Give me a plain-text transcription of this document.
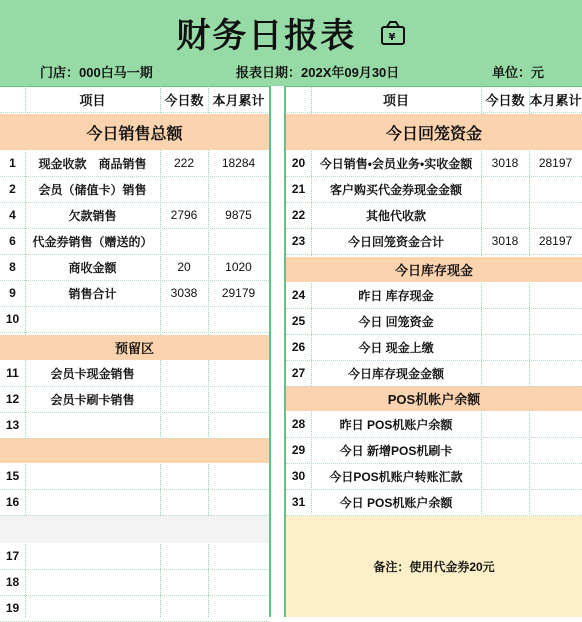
财务日报表	¥
门店：000白马一期	报表日期：202X年09月30日	单位：元
项目	今日数 本月累计	项目	今日数 本月累计
今日销售总额
预留区
今日回笼资金
今日库存现金
POS机帐户余额
备注：使用代金券20元
1	现金收款　商品销售	222	18284
2	会员（储值卡）销售
4	欠款销售	2796	9875
6	代金券销售（赠送的）
8	商收金额	20	1020
9	销售合计	3038	29179
10
11	会员卡现金销售
12	会员卡刷卡销售
13
15
16
17
18
19
20	今日销售•会员业务•实收金额	3018	28197
21	客户购买代金券现金金额
22	其他代收款
23	今日回笼资金合计	3018	28197
24	昨日 库存现金
25	今日 回笼资金
26	今日 现金上缴
27	今日库存现金金额
28	昨日 POS机账户余额
29	今日 新增POS机刷卡
30	今日POS机账户转账汇款
31	今日 POS机账户余额
